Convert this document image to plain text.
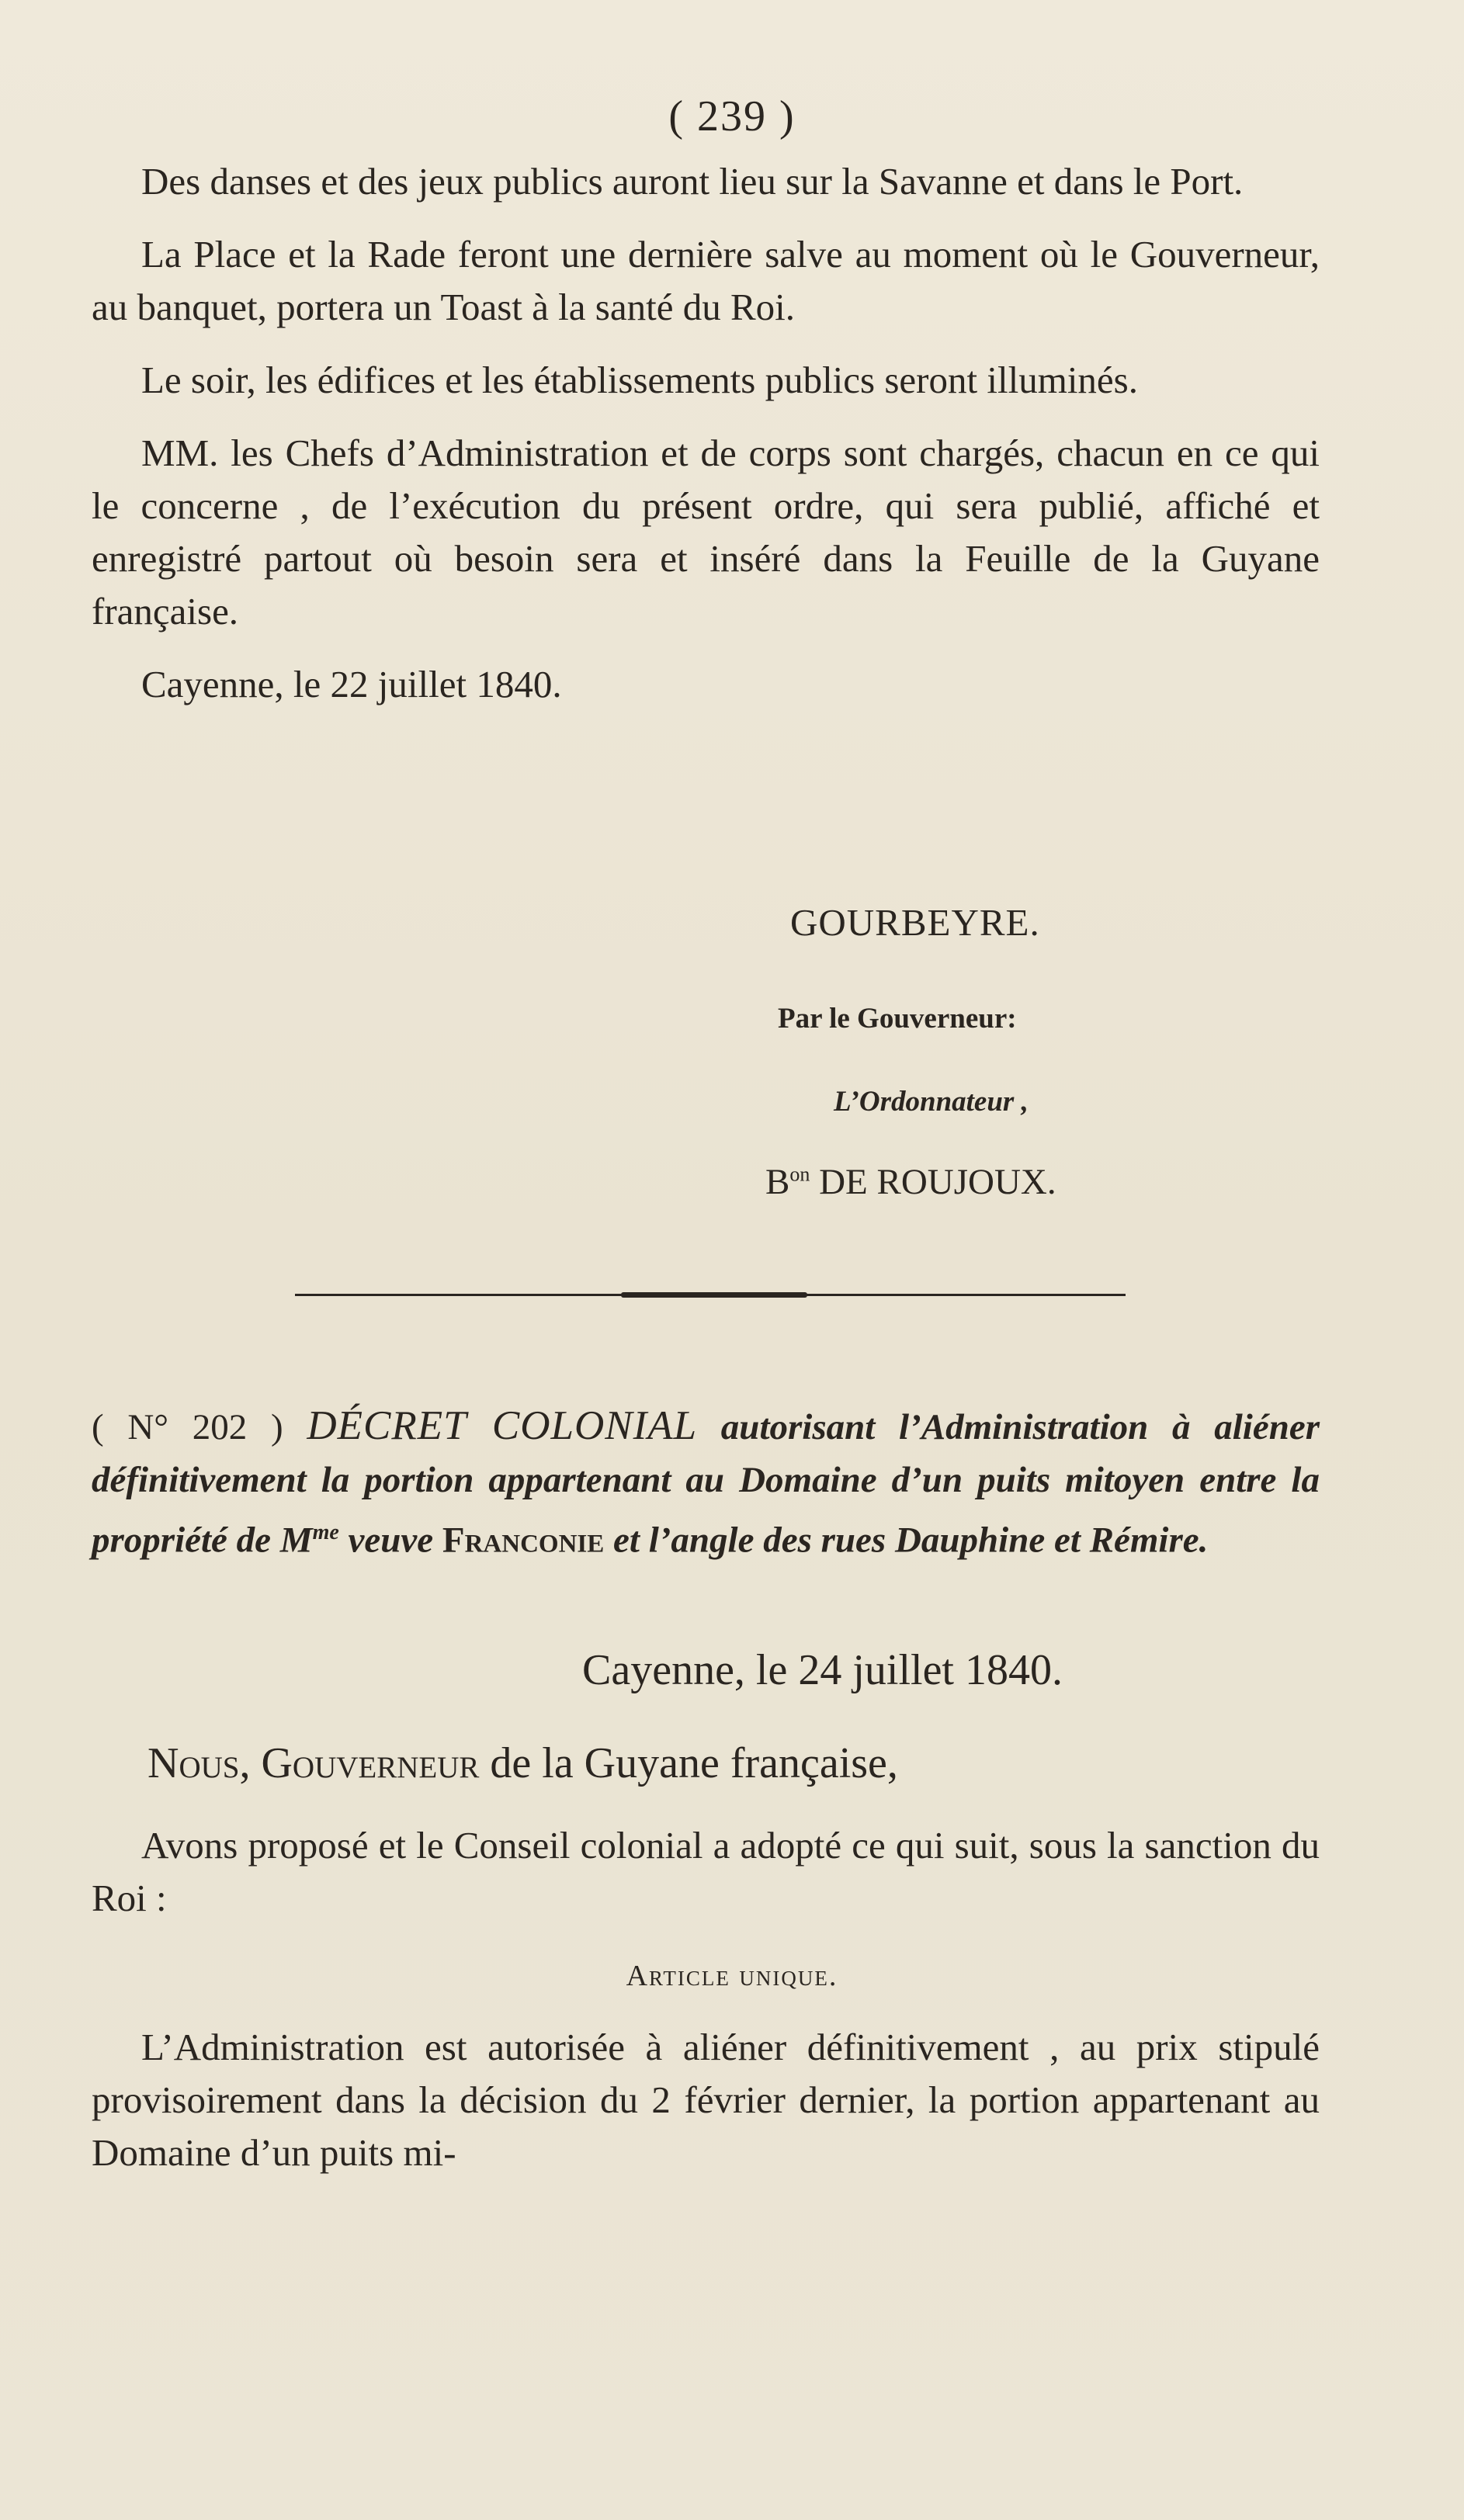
( 239 )

Des danses et des jeux publics auront lieu sur la Savanne et dans le Port.

La Place et la Rade feront une dernière salve au moment où le Gouverneur, au banquet, portera un Toast à la santé du Roi.

Le soir, les édifices et les établissements publics seront illuminés.

MM. les Chefs d’Administration et de corps sont chargés, chacun en ce qui le concerne , de l’exécution du présent ordre, qui sera publié, affiché et enregistré partout où besoin sera et inséré dans la Feuille de la Guyane française.

Cayenne, le 22 juillet 1840.

GOURBEYRE.
Par le Gouverneur:
L’Ordonnateur ,
$B^{on}$ DE ROUJOUX.
( N° 202 ) DÉCRET COLONIAL autorisant l’Administration à aliéner définitivement la portion appartenant au Domaine d’un puits mitoyen entre la propriété de $M^{me}$ veuve Franconie et l’angle des rues Dauphine et Rémire.
Cayenne, le 24 juillet 1840.
Nous, Gouverneur de la Guyane française,

Avons proposé et le Conseil colonial a adopté ce qui suit, sous la sanction du Roi :

Article unique.

L’Administration est autorisée à aliéner définitivement , au prix stipulé provisoirement dans la décision du 2 février dernier, la portion appartenant au Domaine d’un puits mi-
